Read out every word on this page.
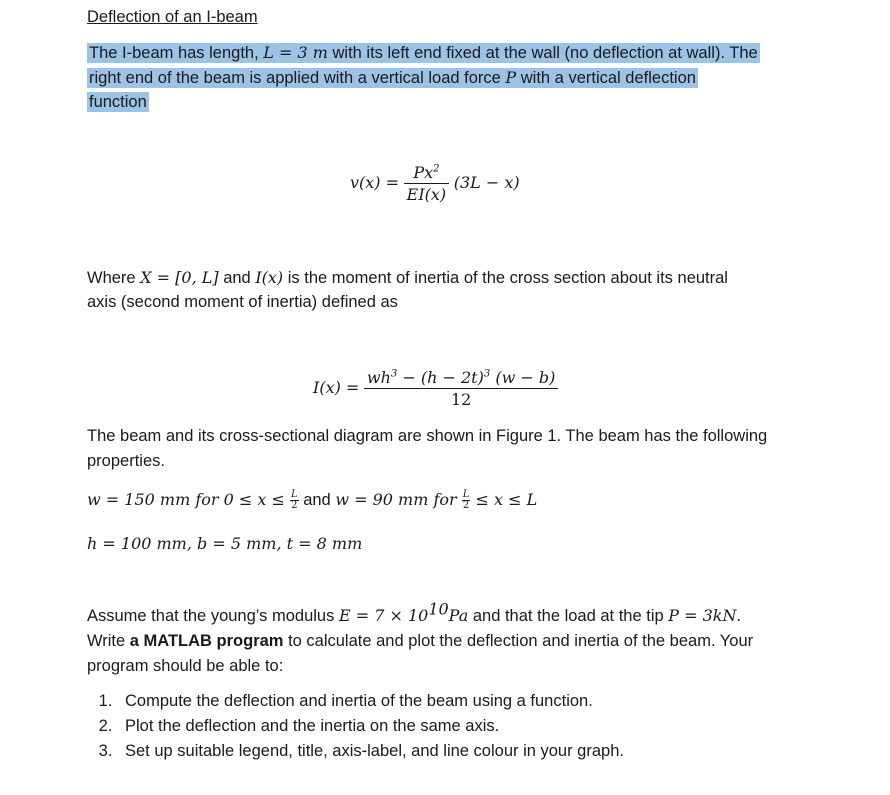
Deflection of an I-beam
The I-beam has length, L = 3 m with its left end fixed at the wall (no deflection at wall). The
right end of the beam is applied with a vertical load force P with a vertical deflection
function
$v(x) = \frac{Px^2}{EI(x)} (3L - x)$
Where X = [0, L] and I(x) is the moment of inertia of the cross section about its neutral
axis (second moment of inertia) defined as
$I(x) = \frac{wh^3 - (h - 2t)^3 (w - b)}{12}$
The beam and its cross-sectional diagram are shown in Figure 1. The beam has the following
properties.
w = 150 mm for $0 \le x \le \frac{L}{2}$ and w = 90 mm for $\frac{L}{2} \le x \le L$
h = 100 mm, b = 5 mm, t = 8 mm
Assume that the young’s modulus $E = 7 \times 10^{10}Pa$ and that the load at the tip P = 3kN.
Write a MATLAB program to calculate and plot the deflection and inertia of the beam. Your
program should be able to:
1. Compute the deflection and inertia of the beam using a function.
2. Plot the deflection and the inertia on the same axis.
3. Set up suitable legend, title, axis-label, and line colour in your graph.
